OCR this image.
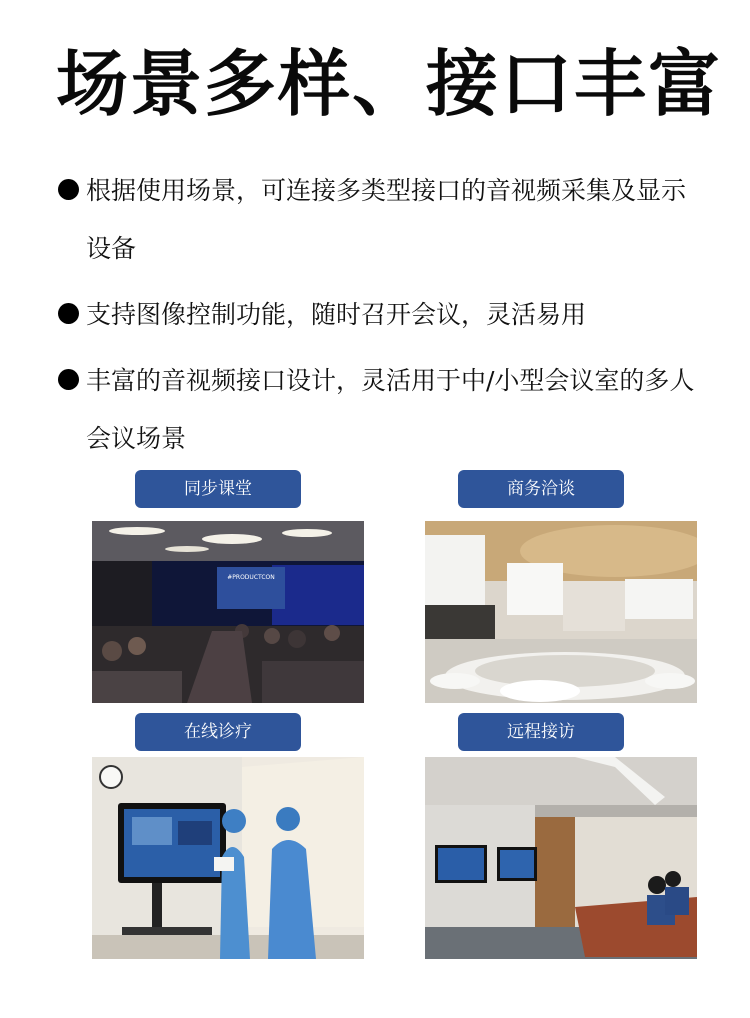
场景多样、接口丰富
根据使用场景，可连接多类型接口的音视频采集及显示设备
支持图像控制功能，随时召开会议，灵活易用
丰富的音视频接口设计，灵活用于中/小型会议室的多人会议场景
同步课堂	商务洽谈
在线诊疗	远程接访
#PRODUCTCON
